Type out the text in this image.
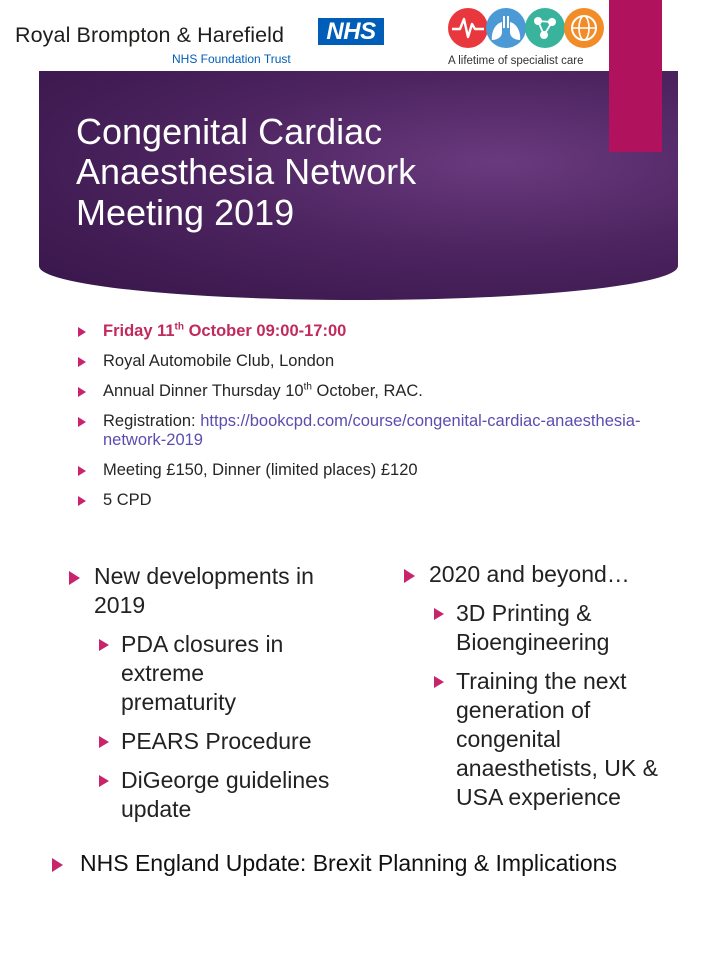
Royal Brompton & Harefield	NHS
NHS Foundation Trust	A lifetime of specialist care
Congenital Cardiac
Anaesthesia Network
Meeting 2019
Friday 11th October 09:00-17:00
Royal Automobile Club, London
Annual Dinner Thursday 10th October, RAC.
Registration: https://bookcpd.com/course/congenital-cardiac-anaesthesia-network-2019
Meeting £150, Dinner (limited places) £120
5 CPD
New developments in 2019
PDA closures in extreme prematurity
PEARS Procedure
DiGeorge guidelines update
2020 and beyond…
3D Printing & Bioengineering
Training the next generation of congenital anaesthetists, UK & USA experience
NHS England Update: Brexit Planning & Implications
